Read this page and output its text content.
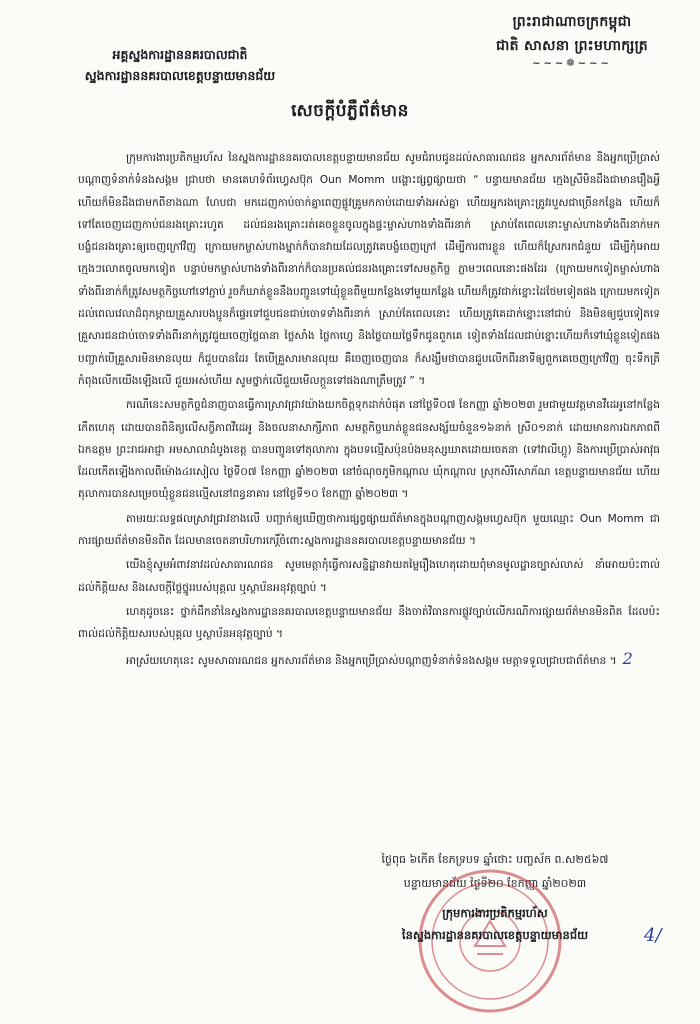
ព្រះរាជាណាចក្រកម្ពុជា
ជាតិ សាសនា ព្រះមហាក្សត្រ
~~~❁~~~
អគ្គស្នងការដ្ឋាននគរបាលជាតិ
ស្នងការដ្ឋាននគរបាលខេត្តបន្ទាយមានជ័យ
សេចក្តីបំភ្លឺព័ត៌មាន

ក្រុមការងារប្រតិកម្មរហ័ស នៃស្នងការដ្ឋាននគរបាលខេត្តបន្ទាយមានជ័យ សូមជំរាបជូនដល់សាធារណជន អ្នកសារព័ត៌មាន និងអ្នកប្រើប្រាស់បណ្តាញទំនាក់ទំនងសង្គម ជ្រាបថា មានគេហទំព័រហ្វេសប៊ុក Oun Momm បង្ហោះផ្សព្វផ្សាយថា “ បន្ទាយមានជ័យ ក្មេងស្រីមិនដឹងជាមានរឿងអ្វី ហើយក៏មិនដឹងជាមកពីខាងណា ហែបជា មកដេញកាប់ចាក់គ្នាពេញផ្លូវគ្រូមកកាប់ដោយទាំងអស់គ្នា ហើយអ្នករងគ្រោះត្រូវរបួសជាច្រើនកន្លែង ហើយក៏ទៅតែចេញដេញកាប់ជនរងគ្រោះរហូត ដល់ជនរងគ្រោះរត់គេចខ្លួនចូលក្នុងផ្ទះម្ចាស់ហាងទាំងពីរនាក់ ស្រាប់តែពេលនោះម្ចាស់ហាងទាំងពីរនាក់មកបង្ខំជនរងគ្រោះឲ្យចេញក្រៅវិញ ក្រោយមកម្ចាស់ហាងម្នាក់ក៏បានវាយដែលត្រូវគេបង្ខំចេញក្រៅ ដើម្បីការពារខ្លួន ហើយក៏ស្រែករកជំនួយ ដើម្បីកុំអោយក្មេងៗលោតចូលមកទៀត បន្ទាប់មកម្ចាស់ហាងទាំងពីរនាក់ក៏បានប្រគល់ជនរងគ្រោះទៅសមត្ថកិច្ច ភ្លាមៗពេលនោះផងដែរ (ក្រោយមកទៀតម្ចាស់ហាងទាំងពីរនាក់ក៏ត្រូវសមត្ថកិច្ចហៅទៅភ្ជាប់ រួចក៏ឃាត់ខ្លួននឹងបញ្ជូនទៅឃុំខ្លួនពីមួយកន្លែងទៅមួយកន្លែង ហើយក៏ត្រូវជាក់ខ្នោះដៃថែមទៀតផង ក្រោយមកទៀតដល់ពេលវេលាដ៏ពុកម្តាយគ្រួសារបងប្អូនក៏ផ្ទេរទៅជួបជនជាប់ចោទទាំងពីរនាក់ ស្រាប់តែពេលនោះ ហើយត្រូវគេដាក់ខ្នោះនៅជាប់ និងមិនឲ្យជួបទៀតទេ គ្រួសារជនជាប់ចោទទាំងពីរនាក់ត្រូវជួយចេញថ្លៃធានា ថ្លៃសាំង ថ្លៃកាហ្វេ និងថ្លៃបាយថ្លៃទឹកជូនពួកគេ ទៀតទាំងដែលជាប់ខ្នោះហើយក៏ទៅឃុំខ្លួនទៀតផង បញ្ជាក់បើគ្រួសារមិនមានលុយ ក៏ជួបបានដែរ តែបើគ្រួសារមានលុយ គឺចេញចេញបាន ក៏សង្ឃឹមថាបានជួបលើកពីរនាទីឲ្យពួកគេចេញក្រៅវិញ ចុះទឹកត្រីកំពុងលើកយើងឡើងលើ ជួយអស់ហើយ សូមថ្នាក់លើជួយមើលក្តួនទៅផងណាត្រឹមត្រូវ ” ។

ករណីនេះសមត្ថកិច្ចជំនាញបានធ្វើការស្រាវជ្រាវយ៉ាងយកចិត្តទុកដាក់បំផុត នៅថ្ងៃទី០៧ ខែកញ្ញា ឆ្នាំ២០២៣ រួមជាមួយវត្តមានវីដេអូនៅកន្លែងកើតហេតុ ដោយបានពិនិត្យលើសក្ខីភាពវីដេអូ និងចលនាសាក្សីភាព សមត្ថកិច្ចឃាត់ខ្លួនជនសង្ស័យចំនួន១៦នាក់ ស្រី០១នាក់ ដោយមានការឯកភាពពី ឯកឧត្តម ព្រះរាជអាជ្ញា អមសាលាដំបូងខេត្ត បានបញ្ជូនទៅតុលាការ ក្នុងបទល្មើសប៉ុនប៉ងមនុស្សឃាតដោយចេតនា (ទៅវាលីហ្គូ) និងការប្រើប្រាស់អាវុធ ដែលកើតឡើងកាលពីម៉ោង៤រសៀល ថ្ងៃទី០៧ ខែកញ្ញា ឆ្នាំ២០២៣ នៅចំណុចភូមិកណ្ដាល ឃុំកណ្ដាល ស្រុកសិរីសោភ័ណ ខេត្តបន្ទាយមានជ័យ ហើយតុលាការបានសម្រេចឃុំខ្លួនជនល្មើសនៅពន្ធនាគារ នៅថ្ងៃទី១០ ខែកញ្ញា ឆ្នាំ២០២៣ ។

តាមរយៈលទ្ធផលស្រាវជ្រាវខាងលើ បញ្ជាក់ឲ្យឃើញថាការផ្សព្វផ្សាយព័ត៌មានក្នុងបណ្តាញសង្គមហ្វេសប៊ុក មួយឈ្មោះ Oun Momm ជាការផ្សាយព័ត៌មានមិនពិត ដែលមានចេតនាបរិហារកេរ្តិ៍ចំពោះស្នងការដ្ឋាននគរបាលខេត្តបន្ទាយមានជ័យ ។

យើងខ្ញុំសូមអំពាវនាវដល់សាធារណជន សូមមេត្តាកុំធ្វើការសន្និដ្ឋានវាយតម្លៃរឿងហេតុដោយពុំមានមូលដ្ឋានច្បាស់លាស់ នាំអោយប៉ះពាល់ដល់កិត្តិយស និងសេចក្តីថ្លៃថ្នូររបស់បុគ្គល ឬស្ថាប័នអនុវត្តច្បាប់ ។

ហេតុដូចនេះ ថ្នាក់ដឹកនាំនៃស្នងការដ្ឋាននគរបាលខេត្តបន្ទាយមានជ័យ នឹងចាត់វិធានការផ្លូវច្បាប់លើករណីការផ្សាយព័ត៌មានមិនពិត ដែលប៉ះពាល់ដល់កិត្តិយសរបស់បុគ្គល ឬស្ថាប័នអនុវត្តច្បាប់ ។

អាស្រ័យហេតុនេះ សូមសាធារណជន អ្នកសារព័ត៌មាន និងអ្នកប្រើប្រាស់បណ្តាញទំនាក់ទំនងសង្គម មេត្តាទទួលជ្រាបជាព័ត៌មាន ។ 2

ថ្ងៃពុធ ៦កើត ខែភទ្របទ ឆ្នាំថោះ បញ្ចស័ក ព.ស២៥៦៧
បន្ទាយមានជ័យ ថ្ងៃទី២០ ខែកញ្ញា ឆ្នាំ២០២៣
ក្រុមការងារប្រតិកម្មរហ័ស
នៃស្នងការដ្ឋាននគរបាលខេត្តបន្ទាយមានជ័យ	4/
